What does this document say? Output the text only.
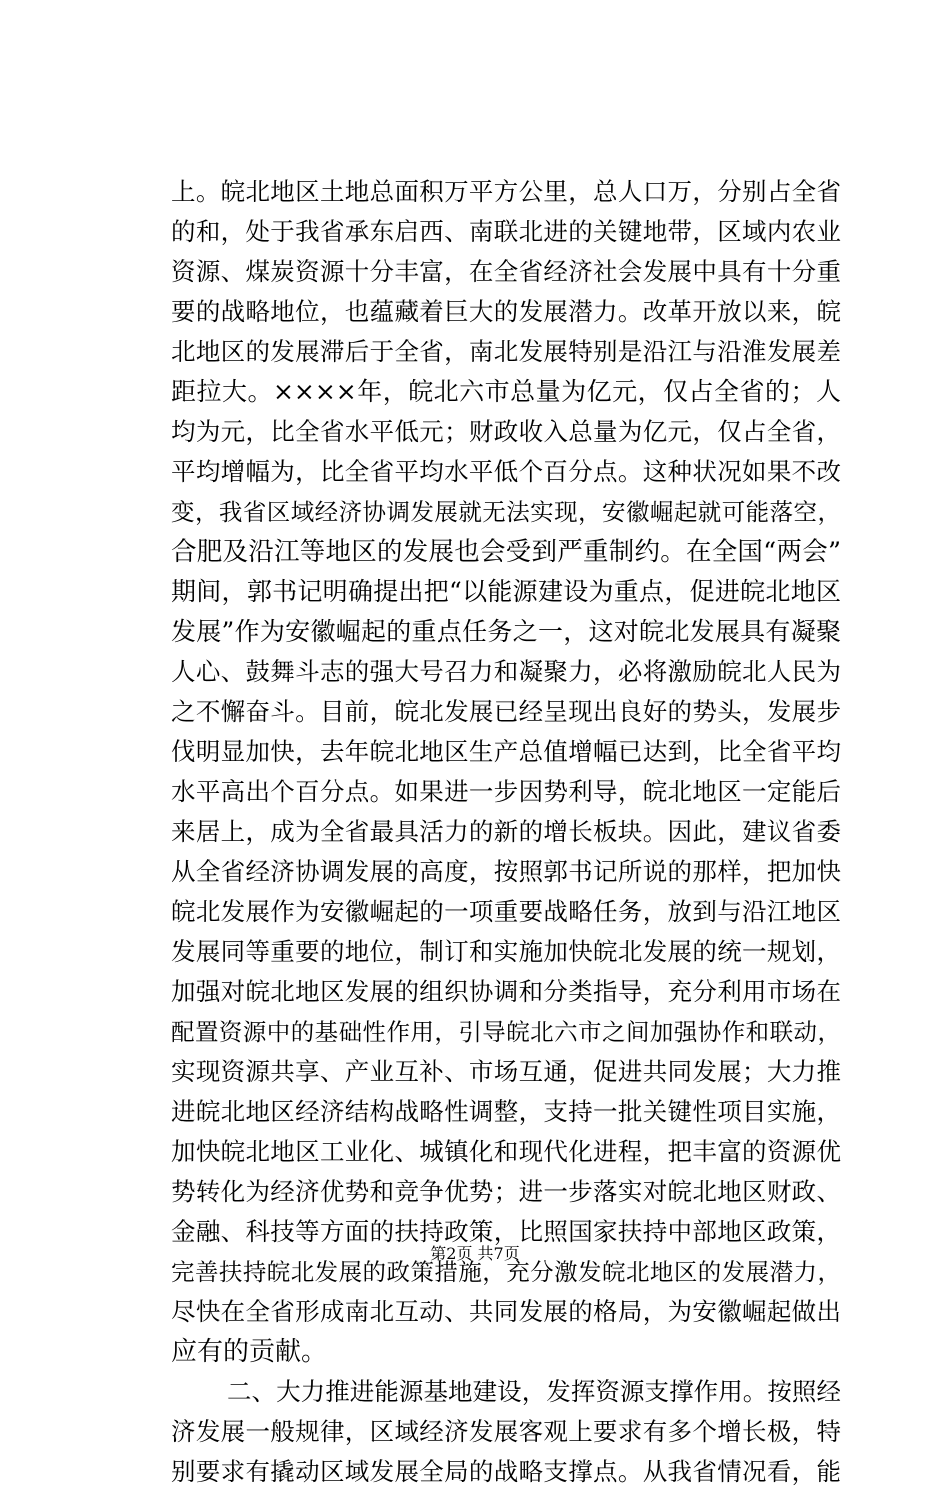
上。皖北地区土地总面积万平方公里，总人口万，分别占全省
的和，处于我省承东启西、南联北进的关键地带，区域内农业
资源、煤炭资源十分丰富，在全省经济社会发展中具有十分重
要的战略地位，也蕴藏着巨大的发展潜力。改革开放以来，皖
北地区的发展滞后于全省，南北发展特别是沿江与沿淮发展差
距拉大。××××年，皖北六市总量为亿元，仅占全省的；人
均为元，比全省水平低元；财政收入总量为亿元，仅占全省，
平均增幅为，比全省平均水平低个百分点。这种状况如果不改
变，我省区域经济协调发展就无法实现，安徽崛起就可能落空，
合肥及沿江等地区的发展也会受到严重制约。在全国“两会”
期间，郭书记明确提出把“以能源建设为重点，促进皖北地区
发展”作为安徽崛起的重点任务之一，这对皖北发展具有凝聚
人心、鼓舞斗志的强大号召力和凝聚力，必将激励皖北人民为
之不懈奋斗。目前，皖北发展已经呈现出良好的势头，发展步
伐明显加快，去年皖北地区生产总值增幅已达到，比全省平均
水平高出个百分点。如果进一步因势利导，皖北地区一定能后
来居上，成为全省最具活力的新的增长板块。因此，建议省委
从全省经济协调发展的高度，按照郭书记所说的那样，把加快
皖北发展作为安徽崛起的一项重要战略任务，放到与沿江地区
发展同等重要的地位，制订和实施加快皖北发展的统一规划，
加强对皖北地区发展的组织协调和分类指导，充分利用市场在
配置资源中的基础性作用，引导皖北六市之间加强协作和联动，
实现资源共享、产业互补、市场互通，促进共同发展；大力推
进皖北地区经济结构战略性调整，支持一批关键性项目实施，
加快皖北地区工业化、城镇化和现代化进程，把丰富的资源优
势转化为经济优势和竞争优势；进一步落实对皖北地区财政、
金融、科技等方面的扶持政策，比照国家扶持中部地区政策，
完善扶持皖北发展的政策措施，充分激发皖北地区的发展潜力，
尽快在全省形成南北互动、共同发展的格局，为安徽崛起做出
应有的贡献。
二、大力推进能源基地建设，发挥资源支撑作用。按照经
济发展一般规律，区域经济发展客观上要求有多个增长极，特
别要求有撬动区域发展全局的战略支撑点。从我省情况看，能
第2页 共7页
